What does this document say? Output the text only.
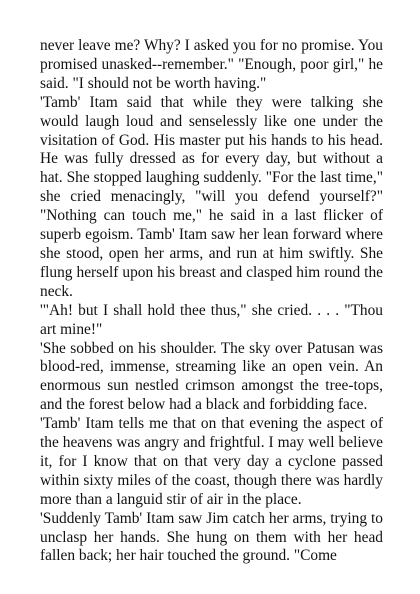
never leave me? Why? I asked you for no promise. You promised unasked--remember." "Enough, poor girl," he said. "I should not be worth having."

'Tamb' Itam said that while they were talking she would laugh loud and senselessly like one under the visitation of God. His master put his hands to his head. He was fully dressed as for every day, but without a hat. She stopped laughing suddenly. "For the last time," she cried menacingly, "will you defend yourself?" "Nothing can touch me," he said in a last flicker of superb egoism. Tamb' Itam saw her lean forward where she stood, open her arms, and run at him swiftly. She flung herself upon his breast and clasped him round the neck.

'"Ah! but I shall hold thee thus," she cried. . . . "Thou art mine!"

'She sobbed on his shoulder. The sky over Patusan was blood-red, immense, streaming like an open vein. An enormous sun nestled crimson amongst the tree-tops, and the forest below had a black and forbidding face.

'Tamb' Itam tells me that on that evening the aspect of the heavens was angry and frightful. I may well believe it, for I know that on that very day a cyclone passed within sixty miles of the coast, though there was hardly more than a languid stir of air in the place.

'Suddenly Tamb' Itam saw Jim catch her arms, trying to unclasp her hands. She hung on them with her head fallen back; her hair touched the ground. "Come
